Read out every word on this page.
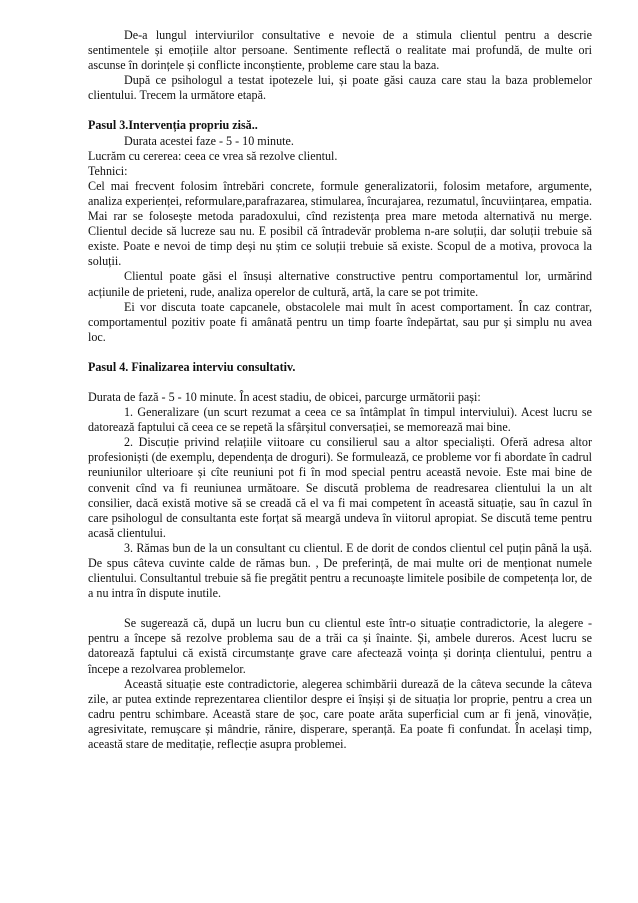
De-a lungul interviurilor consultative e nevoie de a stimula clientul pentru a descrie sentimentele și emoțiile altor persoane. Sentimente reflectă o realitate mai profundă, de multe ori ascunse în dorințele și conflicte inconștiente, probleme care stau la baza.

După ce psihologul a testat ipotezele lui, și poate găsi cauza care stau la baza problemelor clientului. Trecem la următore etapă.

Pasul 3.Intervenția propriu zisă..

Durata acestei faze - 5 - 10 minute.

Lucrăm cu cererea: ceea ce vrea să rezolve clientul.

Tehnici:

Cel mai frecvent folosim întrebări concrete, formule generalizatorii, folosim metafore, argumente, analiza experienței, reformulare,parafrazarea, stimularea, încurajarea, rezumatul, încuviințarea, empatia. Mai rar se folosește metoda paradoxului, cînd rezistența prea mare metoda alternativă nu merge. Clientul decide să lucreze sau nu. E posibil că întradevăr problema n-are soluții, dar soluții trebuie să existe. Poate e nevoi de timp deși nu știm ce soluții trebuie să existe. Scopul de a motiva, provoca la soluții.

Clientul poate găsi el însuși alternative constructive pentru comportamentul lor, urmărind acțiunile de prieteni, rude, analiza operelor de cultură, artă, la care se pot trimite.

Ei vor discuta toate capcanele, obstacolele mai mult în acest comportament. În caz contrar, comportamentul pozitiv poate fi amânată pentru un timp foarte îndepărtat, sau pur și simplu nu avea loc.

Pasul 4. Finalizarea interviu consultativ.

Durata de fază - 5 - 10 minute. În acest stadiu, de obicei, parcurge următorii pași:

1. Generalizare (un scurt rezumat a ceea ce sa întâmplat în timpul interviului). Acest lucru se datorează faptului că ceea ce se repetă la sfârșitul conversației, se memorează mai bine.

2. Discuție privind relațiile viitoare cu consilierul sau a altor specialiști. Oferă adresa altor profesioniști (de exemplu, dependența de droguri). Se formulează, ce probleme vor fi abordate în cadrul reuniunilor ulterioare și cîte reuniuni pot fi în mod special pentru această nevoie. Este mai bine de convenit cînd va fi reuniunea următoare. Se discută problema de readresarea clientului la un alt consilier, dacă există motive să se creadă că el va fi mai competent în această situație, sau în cazul în care psihologul de consultanta este forțat să meargă undeva în viitorul apropiat. Se discută teme pentru acasă clientului.

3. Rămas bun de la un consultant cu clientul. E de dorit de condos clientul cel puțin până la ușă. De spus câteva cuvinte calde de rămas bun. , De preferință, de mai multe ori de menționat numele clientului. Consultantul trebuie să fie pregătit pentru a recunoaște limitele posibile de competența lor, de a nu intra în dispute inutile.

Se sugerează că, după un lucru bun cu clientul este într-o situație contradictorie, la alegere - pentru a începe să rezolve problema sau de a trăi ca și înainte. Și, ambele dureros. Acest lucru se datorează faptului că există circumstanțe grave care afectează voința și dorința clientului, pentru a începe a rezolvarea problemelor.

Această situație este contradictorie, alegerea schimbării durează de la câteva secunde la câteva zile, ar putea extinde reprezentarea clientilor despre ei înșiși și de situația lor proprie, pentru a crea un cadru pentru schimbare. Această stare de șoc, care poate arăta superficial cum ar fi jenă, vinovăție, agresivitate, remușcare și mândrie, rănire, disperare, speranță. Ea poate fi confundat. În același timp, această stare de meditație, reflecție asupra problemei.
